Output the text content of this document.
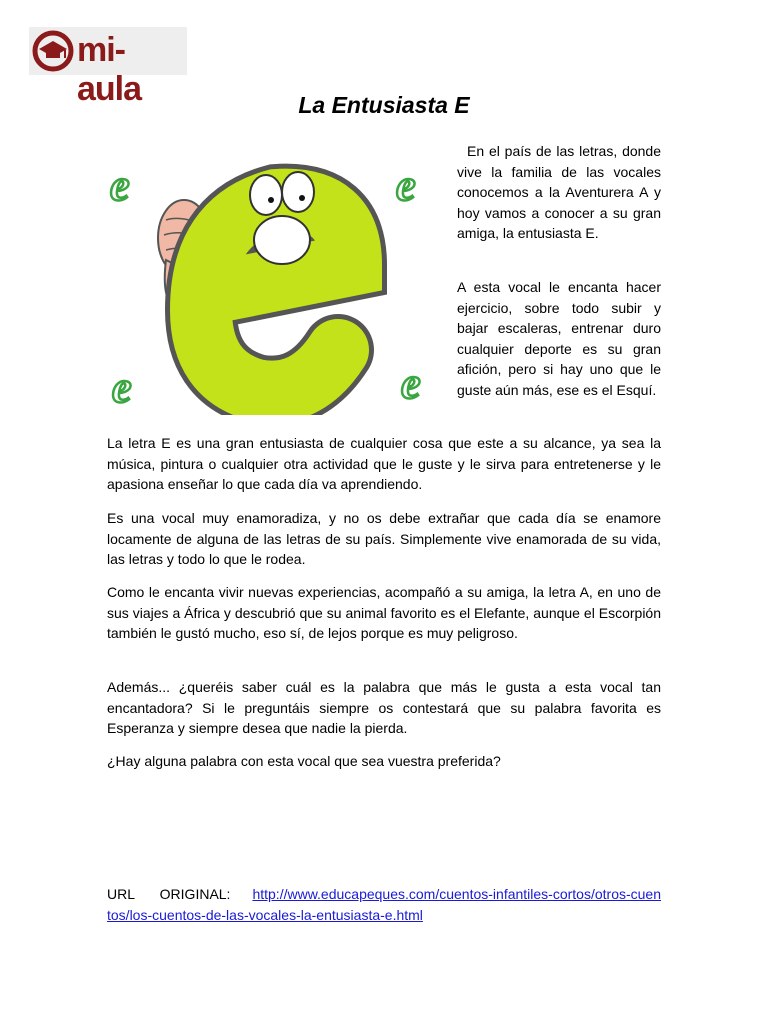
mi-aula	La Entusiasta E
e	e
e	e

En el país de las letras, donde vive la familia de las vocales conocemos a la Aventurera A y hoy vamos a conocer a su gran amiga, la entusiasta E.

A esta vocal le encanta hacer ejercicio, sobre todo subir y bajar escaleras, entrenar duro cualquier deporte es su gran afición, pero si hay uno que le guste aún más, ese es el Esquí.

La letra E es una gran entusiasta de cualquier cosa que este a su alcance, ya sea la música, pintura o cualquier otra actividad que le guste y le sirva para entretenerse y le apasiona enseñar lo que cada día va aprendiendo.

Es una vocal muy enamoradiza, y no os debe extrañar que cada día se enamore locamente de alguna de las letras de su país. Simplemente vive enamorada de su vida, las letras y todo lo que le rodea.

Como le encanta vivir nuevas experiencias, acompañó a su amiga, la letra A, en uno de sus viajes a África y descubrió que su animal favorito es el Elefante, aunque el Escorpión también le gustó mucho, eso sí, de lejos porque es muy peligroso.

Además... ¿queréis saber cuál es la palabra que más le gusta a esta vocal tan encantadora? Si le preguntáis siempre os contestará que su palabra favorita es Esperanza y siempre desea que nadie la pierda.

¿Hay alguna palabra con esta vocal que sea vuestra preferida?

URL ORIGINAL: http://www.educapeques.com/cuentos-infantiles-cortos/otros-cuentos/los-cuentos-de-las-vocales-la-entusiasta-e.html
